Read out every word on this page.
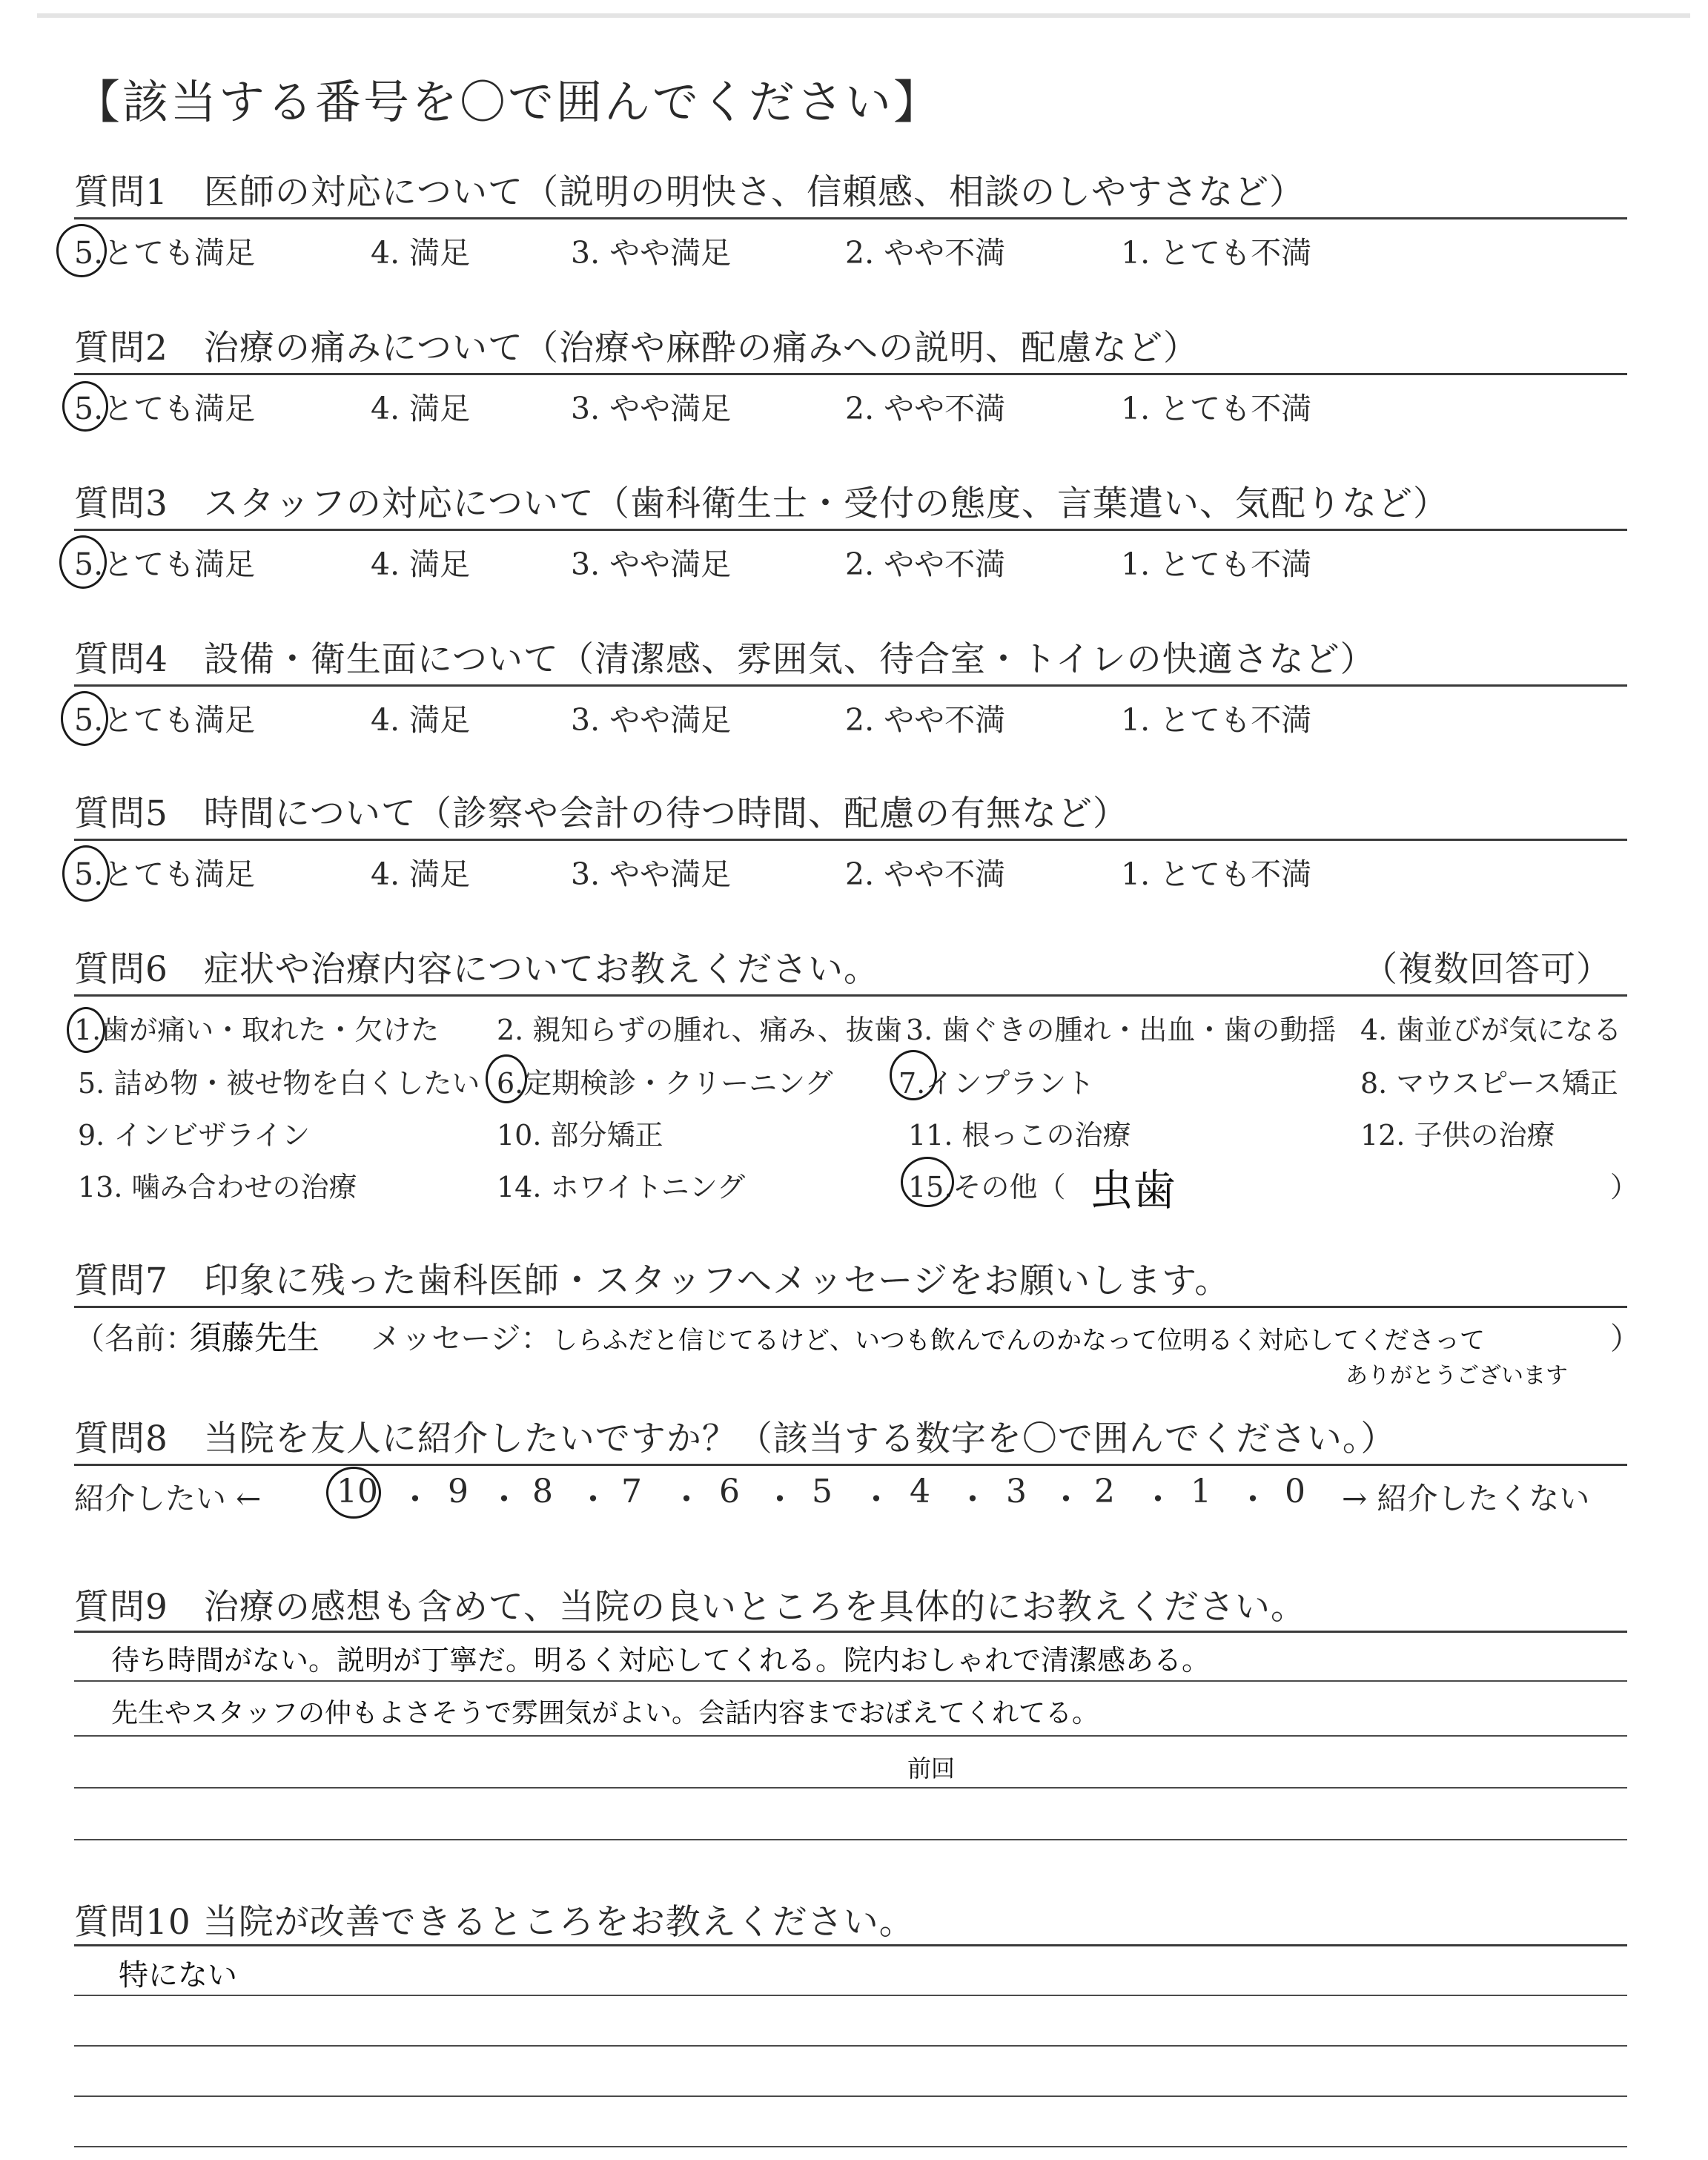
【該当する番号を〇で囲んでください】
質問1　医師の対応について（説明の明快さ、信頼感、相談のしやすさなど）
5.とても満足	4. 満足	3. やや満足	2. やや不満	1. とても不満
質問2　治療の痛みについて（治療や麻酔の痛みへの説明、配慮など）
5.とても満足	4. 満足	3. やや満足	2. やや不満	1. とても不満
質問3　スタッフの対応について（歯科衛生士・受付の態度、言葉遣い、気配りなど）
5.とても満足	4. 満足	3. やや満足	2. やや不満	1. とても不満
質問4　設備・衛生面について（清潔感、雰囲気、待合室・トイレの快適さなど）
5.とても満足	4. 満足	3. やや満足	2. やや不満	1. とても不満
質問5　時間について（診察や会計の待つ時間、配慮の有無など）
5.とても満足	4. 満足	3. やや満足	2. やや不満	1. とても不満
質問6　症状や治療内容についてお教えください。	（複数回答可）
1.歯が痛い・取れた・欠けた 2. 親知らずの腫れ、痛み、抜歯 3. 歯ぐきの腫れ・出血・歯の動揺 4. 歯並びが気になる
5. 詰め物・被せ物を白くしたい 6.定期検診・クリーニング 7.インプラント	8. マウスピース矯正
9. インビザライン	10. 部分矯正	11. 根っこの治療	12. 子供の治療
13. 噛み合わせの治療	14. ホワイトニング	15.その他（ 虫歯	）
質問7　印象に残った歯科医師・スタッフへメッセージをお願いします。
（名前：
須藤先生 メッセージ： しらふだと信じてるけど、いつも飲んでんのかなって位明るく対応してくださって
ありがとうございます
）
質問8　当院を友人に紹介したいですか？（該当する数字を〇で囲んでください。）
紹介したい ←	→ 紹介したくない
10 9 8 7 6 5 4 3 2 1 0
・ ・ ・ ・ ・ ・ ・ ・ ・ ・
質問9　治療の感想も含めて、当院の良いところを具体的にお教えください。
待ち時間がない。説明が丁寧だ。明るく対応してくれる。院内おしゃれで清潔感ある。
先生やスタッフの仲もよさそうで雰囲気がよい。会話内容までおぼえてくれてる。
前回
質問10 当院が改善できるところをお教えください。
特にない
